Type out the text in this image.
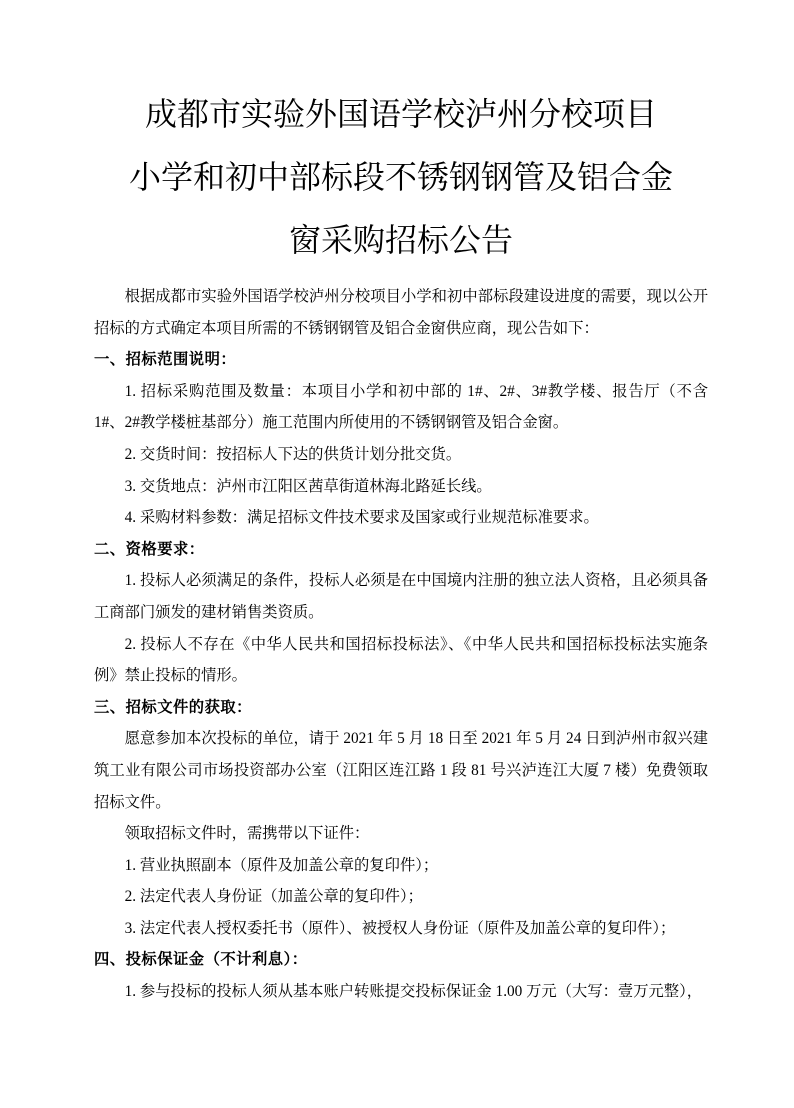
成都市实验外国语学校泸州分校项目
小学和初中部标段不锈钢钢管及铝合金
窗采购招标公告

根据成都市实验外国语学校泸州分校项目小学和初中部标段建设进度的需要，现以公开招标的方式确定本项目所需的不锈钢钢管及铝合金窗供应商，现公告如下：

一、招标范围说明：

1. 招标采购范围及数量：本项目小学和初中部的 1#、2#、3#教学楼、报告厅（不含 1#、2#教学楼桩基部分）施工范围内所使用的不锈钢钢管及铝合金窗。

2. 交货时间：按招标人下达的供货计划分批交货。

3. 交货地点：泸州市江阳区茜草街道林海北路延长线。

4. 采购材料参数：满足招标文件技术要求及国家或行业规范标准要求。

二、资格要求：

1. 投标人必须满足的条件，投标人必须是在中国境内注册的独立法人资格，且必须具备工商部门颁发的建材销售类资质。

2. 投标人不存在《中华人民共和国招标投标法》、《中华人民共和国招标投标法实施条例》禁止投标的情形。

三、招标文件的获取：

愿意参加本次投标的单位，请于 2021 年 5 月 18 日至 2021 年 5 月 24 日到泸州市叙兴建筑工业有限公司市场投资部办公室（江阳区连江路 1 段 81 号兴泸连江大厦 7 楼）免费领取招标文件。

领取招标文件时，需携带以下证件：

1. 营业执照副本（原件及加盖公章的复印件）；

2. 法定代表人身份证（加盖公章的复印件）；

3. 法定代表人授权委托书（原件）、被授权人身份证（原件及加盖公章的复印件）；

四、投标保证金（不计利息）：

1. 参与投标的投标人须从基本账户转账提交投标保证金 1.00 万元（大写：壹万元整），
